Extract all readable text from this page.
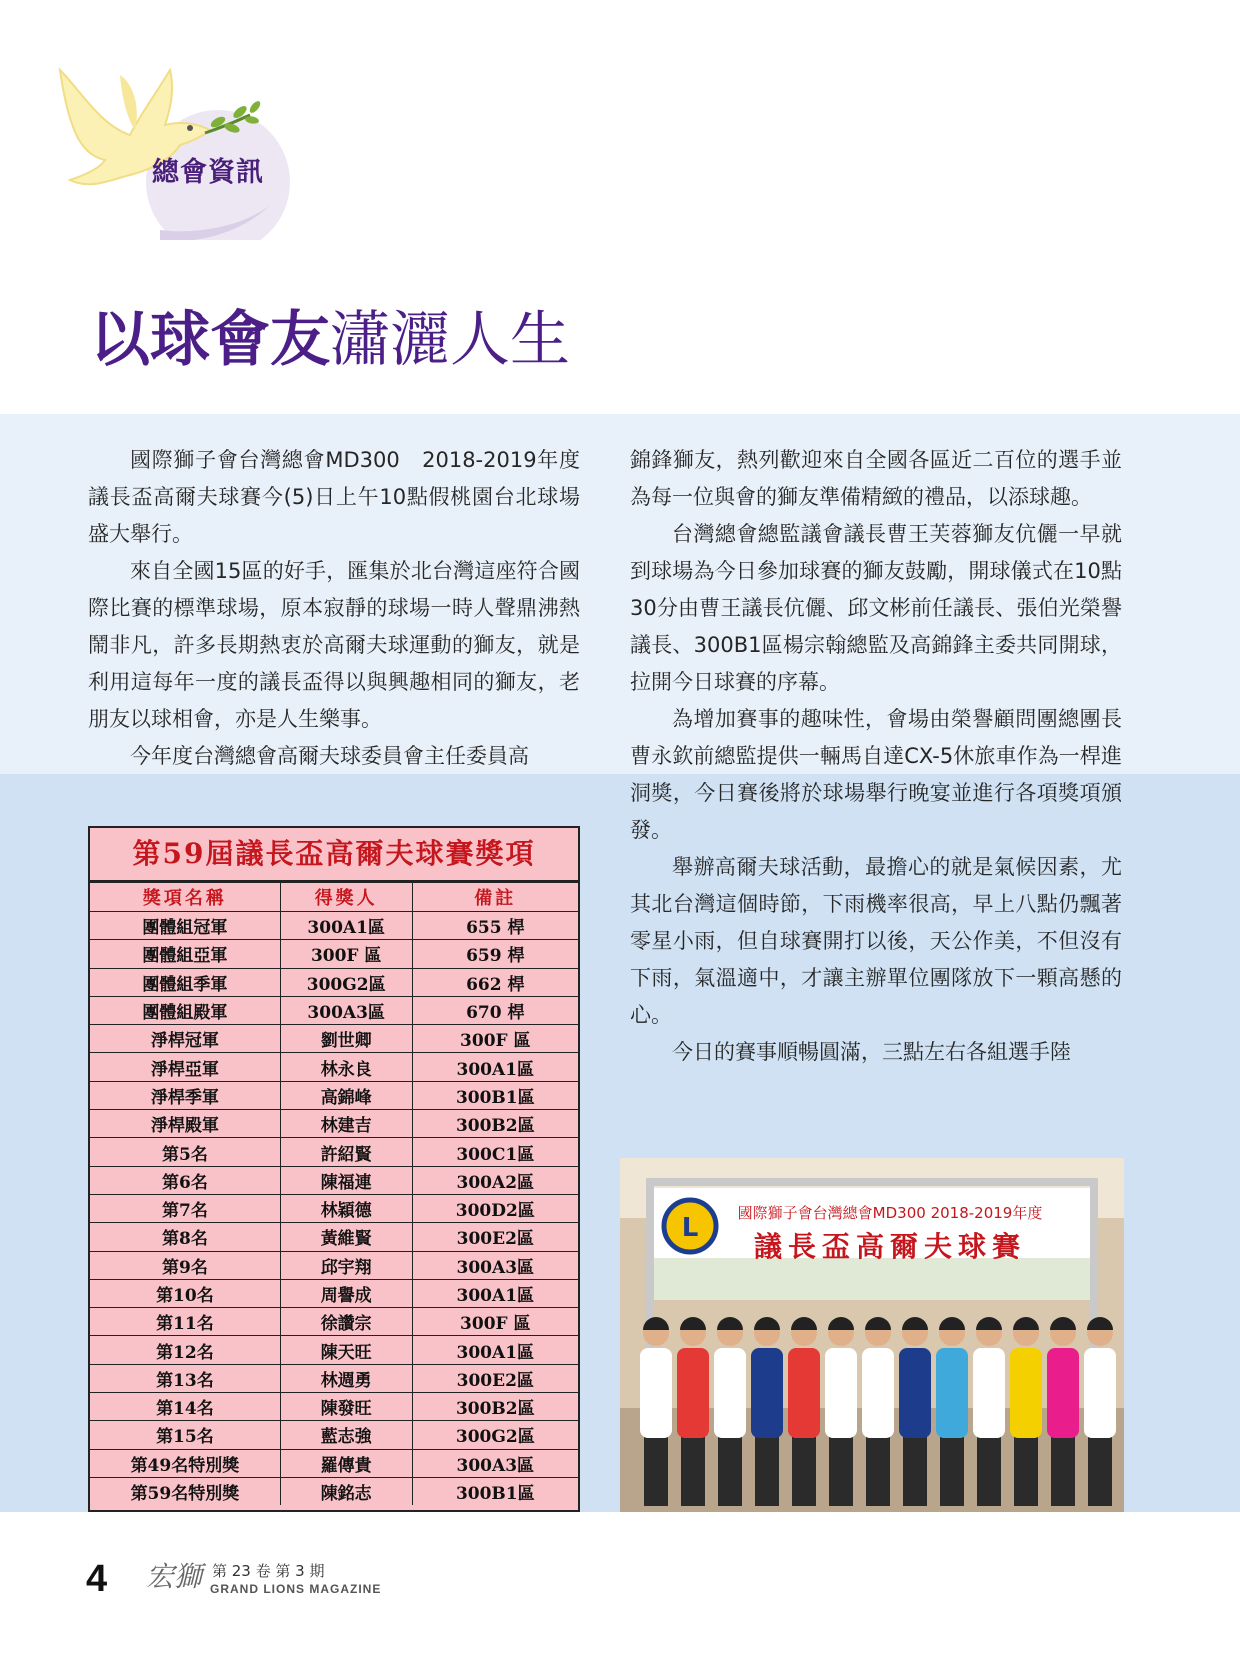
總會資訊
以球會友瀟灑人生

國際獅子會台灣總會MD300　2018-2019年度議長盃高爾夫球賽今(5)日上午10點假桃園台北球場盛大舉行。

來自全國15區的好手，匯集於北台灣這座符合國際比賽的標準球場，原本寂靜的球場一時人聲鼎沸熱鬧非凡，許多長期熱衷於高爾夫球運動的獅友，就是利用這每年一度的議長盃得以與興趣相同的獅友，老朋友以球相會，亦是人生樂事。

今年度台灣總會高爾夫球委員會主任委員高

錦鋒獅友，熱列歡迎來自全國各區近二百位的選手並為每一位與會的獅友準備精緻的禮品，以添球趣。

台灣總會總監議會議長曹王芙蓉獅友伉儷一早就到球場為今日參加球賽的獅友鼓勵，開球儀式在10點30分由曹王議長伉儷、邱文彬前任議長、張伯光榮譽議長、300B1區楊宗翰總監及高錦鋒主委共同開球，拉開今日球賽的序幕。

為增加賽事的趣味性，會場由榮譽顧問團總團長曹永欽前總監提供一輛馬自達CX-5休旅車作為一桿進洞獎，今日賽後將於球場舉行晚宴並進行各項獎項頒發。

舉辦高爾夫球活動，最擔心的就是氣候因素，尤其北台灣這個時節，下雨機率很高，早上八點仍飄著零星小雨，但自球賽開打以後，天公作美，不但沒有下雨，氣溫適中，才讓主辦單位團隊放下一顆高懸的心。

今日的賽事順暢圓滿，三點左右各組選手陸

第59屆議長盃高爾夫球賽獎項
獎項名稱	得獎人	備註
團體組冠軍	300A1區	655 桿
團體組亞軍	300F 區	659 桿
團體組季軍	300G2區	662 桿
團體組殿軍	300A3區	670 桿
淨桿冠軍	劉世卿	300F 區
淨桿亞軍	林永良	300A1區
淨桿季軍	高錦峰	300B1區
淨桿殿軍	林建吉	300B2區
第5名	許紹賢	300C1區
第6名	陳福連	300A2區
第7名	林穎德	300D2區
第8名	黃維賢	300E2區
第9名	邱宇翔	300A3區
第10名	周譽成	300A1區
第11名	徐讚宗	300F 區
第12名	陳天旺	300A1區
第13名	林週勇	300E2區
第14名	陳發旺	300B2區
第15名	藍志強	300G2區
第49名特別獎	羅傳貴	300A3區
第59名特別獎	陳銘志	300B1區
L	國際獅子會台灣總會MD300 2018-2019年度
議長盃高爾夫球賽
4	第 23 卷 第 3 期
GRAND LIONS MAGAZINE
宏獅
